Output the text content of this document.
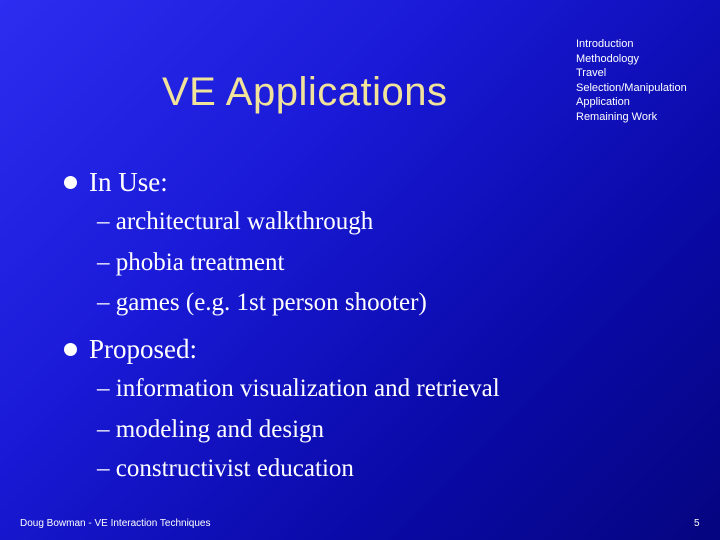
VE Applications
Introduction
Methodology
Travel
Selection/Manipulation
Application
Remaining Work
In Use:
– architectural walkthrough
– phobia treatment
– games (e.g. 1st person shooter)
Proposed:
– information visualization and retrieval
– modeling and design
– constructivist education
Doug Bowman - VE Interaction Techniques	5
